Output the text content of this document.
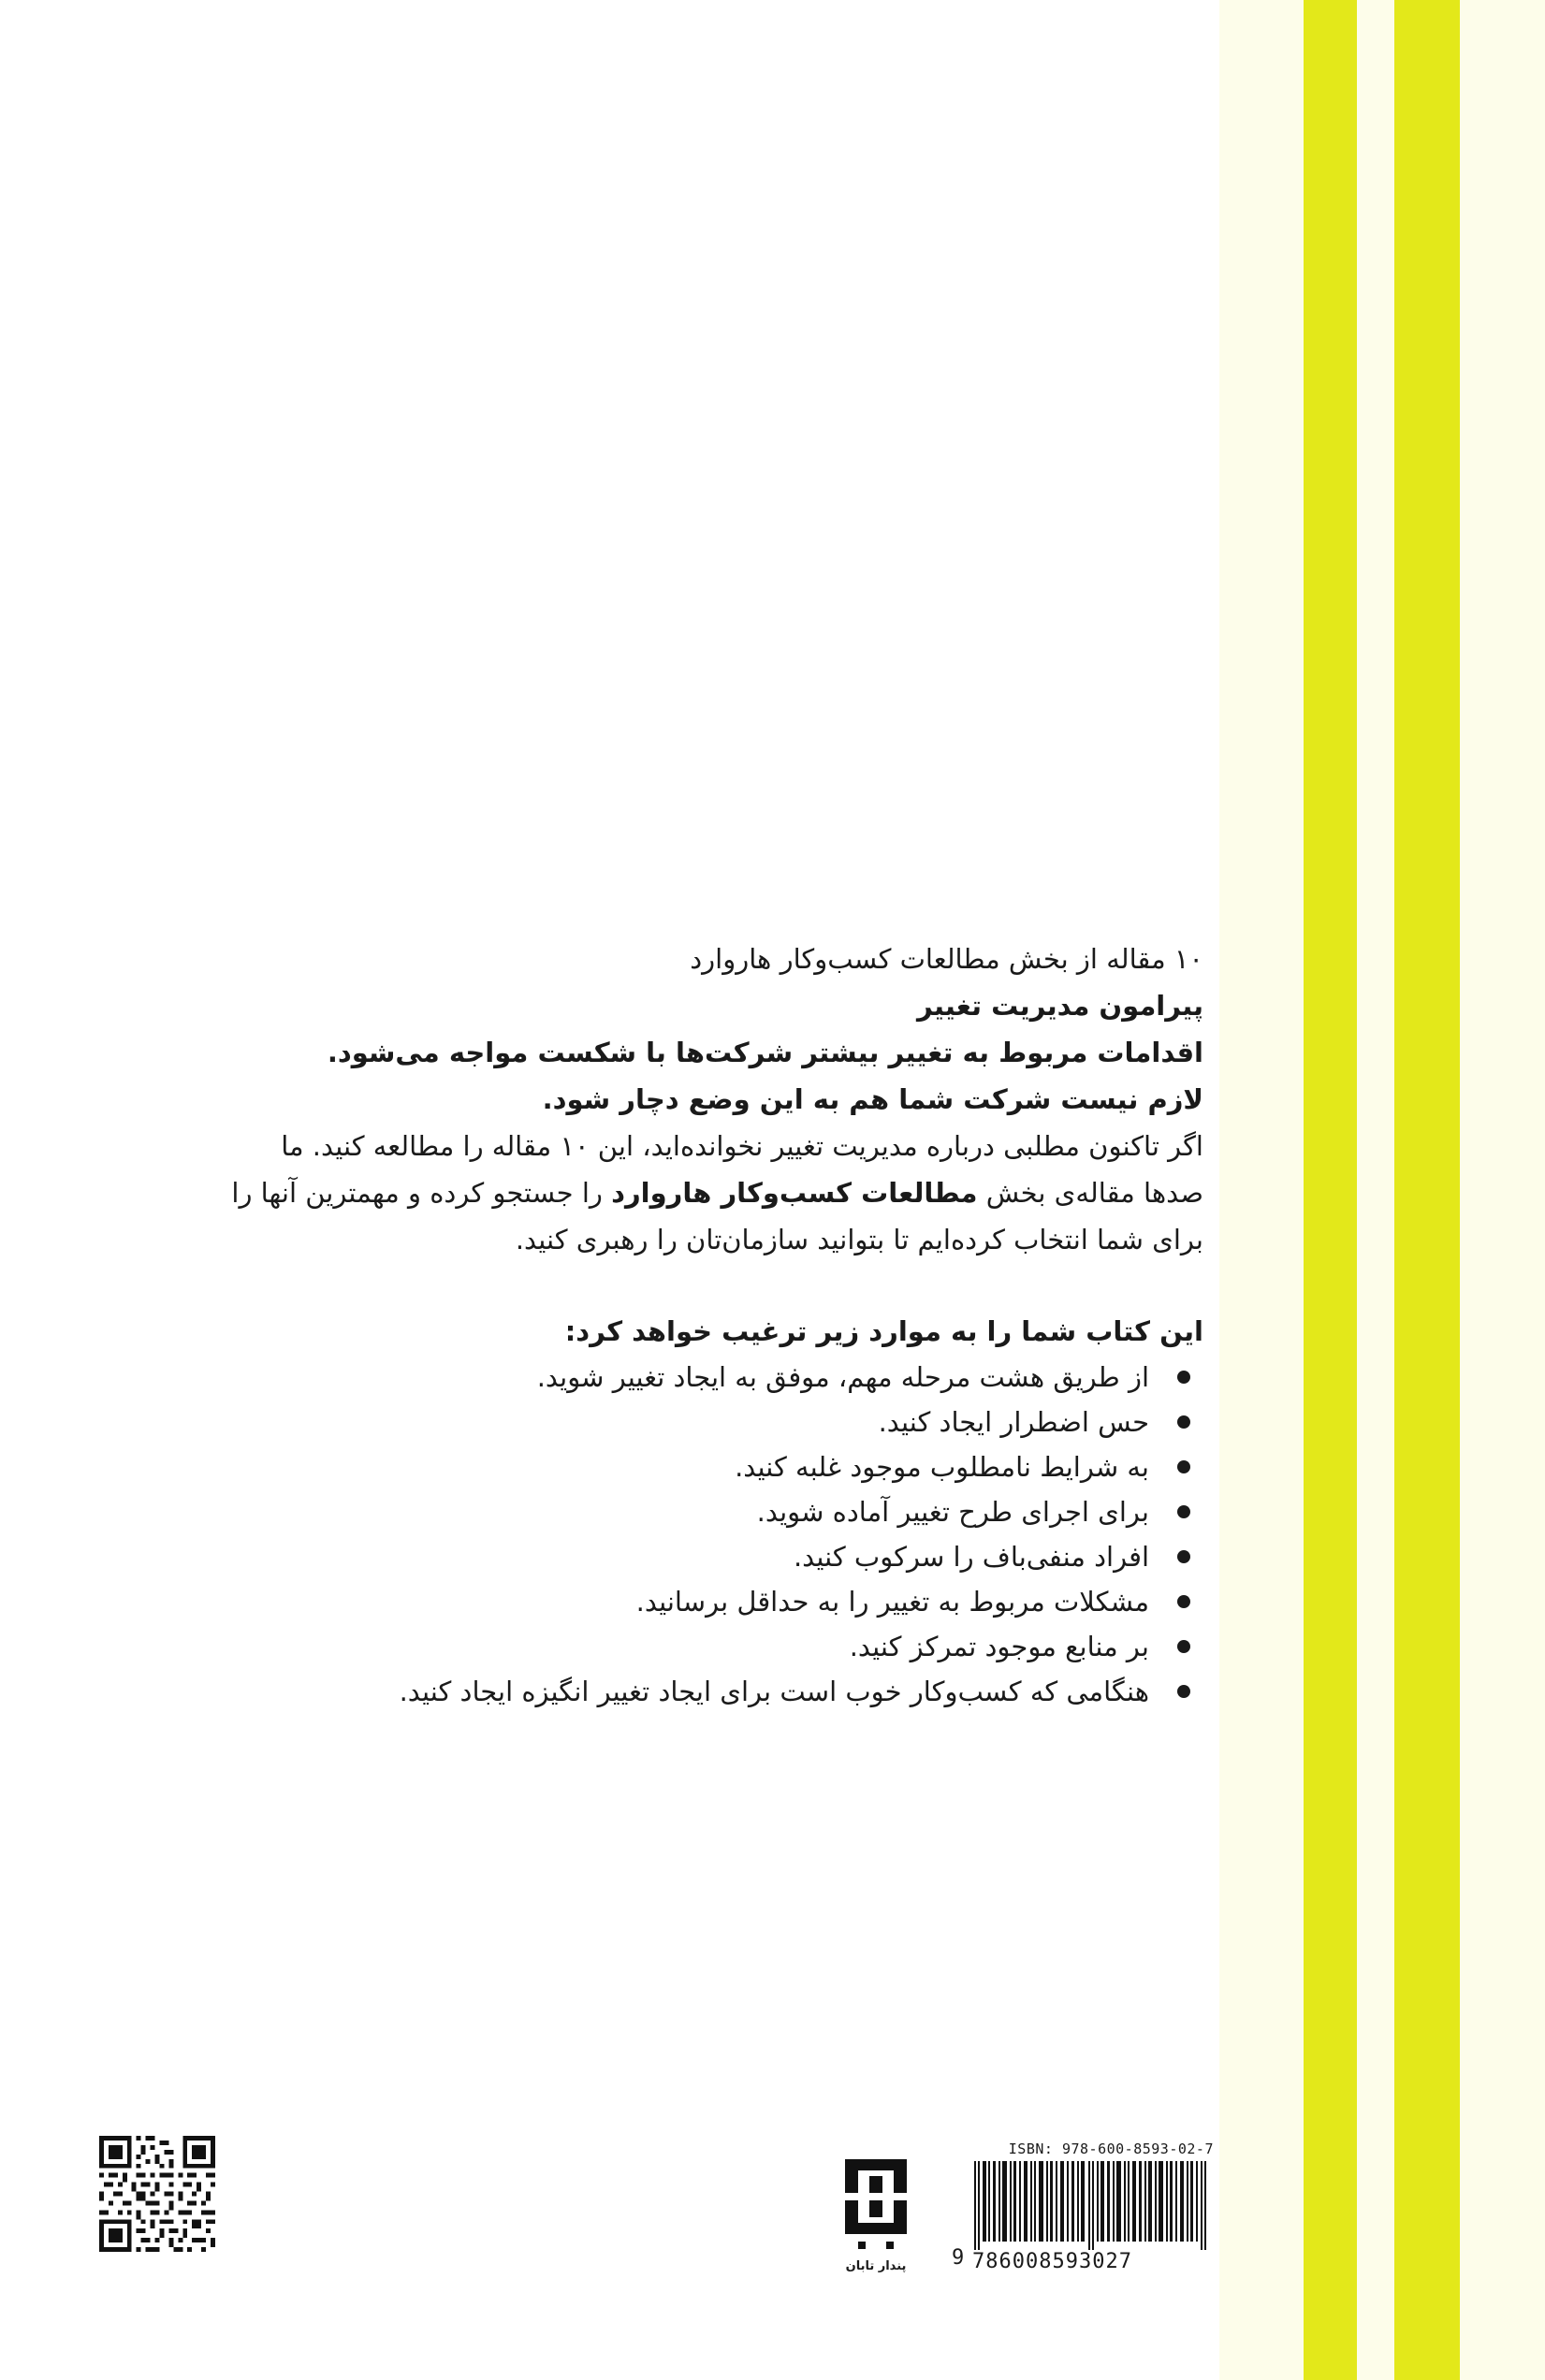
۱۰ مقاله از بخش مطالعات کسب‌وکار هاروارد
پیرامون مدیریت تغییر
اقدامات مربوط به تغییر بیشتر شرکت‌ها با شکست مواجه می‌شود.
لازم نیست شرکت شما هم به این وضع دچار شود.
اگر تاکنون مطلبی درباره مدیریت تغییر نخوانده‌اید، این ۱۰ مقاله را مطالعه کنید. ما
صدها مقاله‌ی بخش مطالعات کسب‌وکار هاروارد را جستجو کرده و مهمترین آنها را
برای شما انتخاب کرده‌ایم تا بتوانید سازمان‌تان را رهبری کنید.
این کتاب شما را به موارد زیر ترغیب خواهد کرد:
از طریق هشت مرحله مهم، موفق به ایجاد تغییر شوید.
حس اضطرار ایجاد کنید.
به شرایط نامطلوب موجود غلبه کنید.
برای اجرای طرح تغییر آماده شوید.
افراد منفی‌باف را سرکوب کنید.
مشکلات مربوط به تغییر را به حداقل برسانید.
بر منابع موجود تمرکز کنید.
هنگامی که کسب‌وکار خوب است برای ایجاد تغییر انگیزه ایجاد کنید.
پندار تابان
ISBN: 978-600-8593-02-7
9 786008593027
